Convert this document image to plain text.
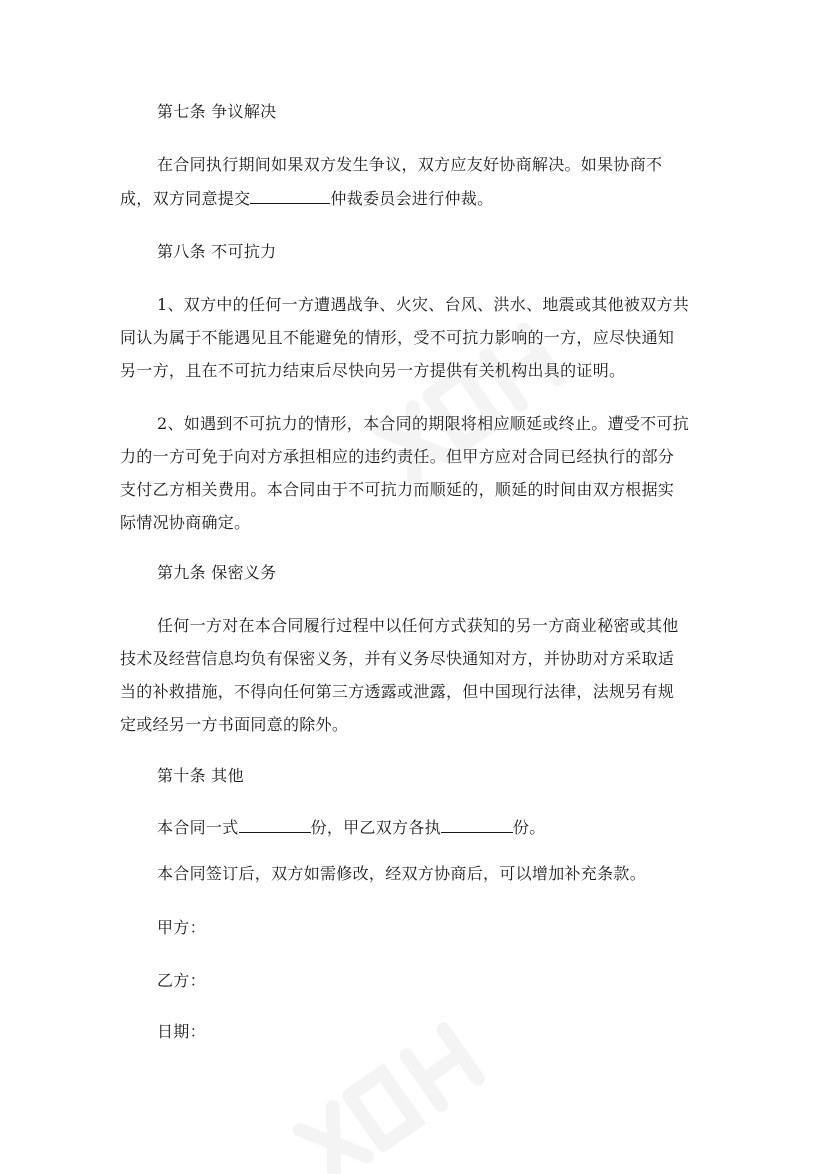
第七条 争议解决
在合同执行期间如果双方发生争议，双方应友好协商解决。如果协商不
成，双方同意提交	仲裁委员会进行仲裁。
第八条 不可抗力
1、双方中的任何一方遭遇战争、火灾、台风、洪水、地震或其他被双方共
同认为属于不能遇见且不能避免的情形，受不可抗力影响的一方，应尽快通知
另一方，且在不可抗力结束后尽快向另一方提供有关机构出具的证明。
2、如遇到不可抗力的情形，本合同的期限将相应顺延或终止。遭受不可抗
力的一方可免于向对方承担相应的违约责任。但甲方应对合同已经执行的部分
支付乙方相关费用。本合同由于不可抗力而顺延的，顺延的时间由双方根据实
际情况协商确定。
第九条 保密义务
任何一方对在本合同履行过程中以任何方式获知的另一方商业秘密或其他
技术及经营信息均负有保密义务，并有义务尽快通知对方，并协助对方采取适
当的补救措施，不得向任何第三方透露或泄露，但中国现行法律，法规另有规
定或经另一方书面同意的除外。
第十条 其他
本合同一式	份，甲乙双方各执	份。
本合同签订后，双方如需修改，经双方协商后，可以增加补充条款。
甲方：
乙方：
日期：
